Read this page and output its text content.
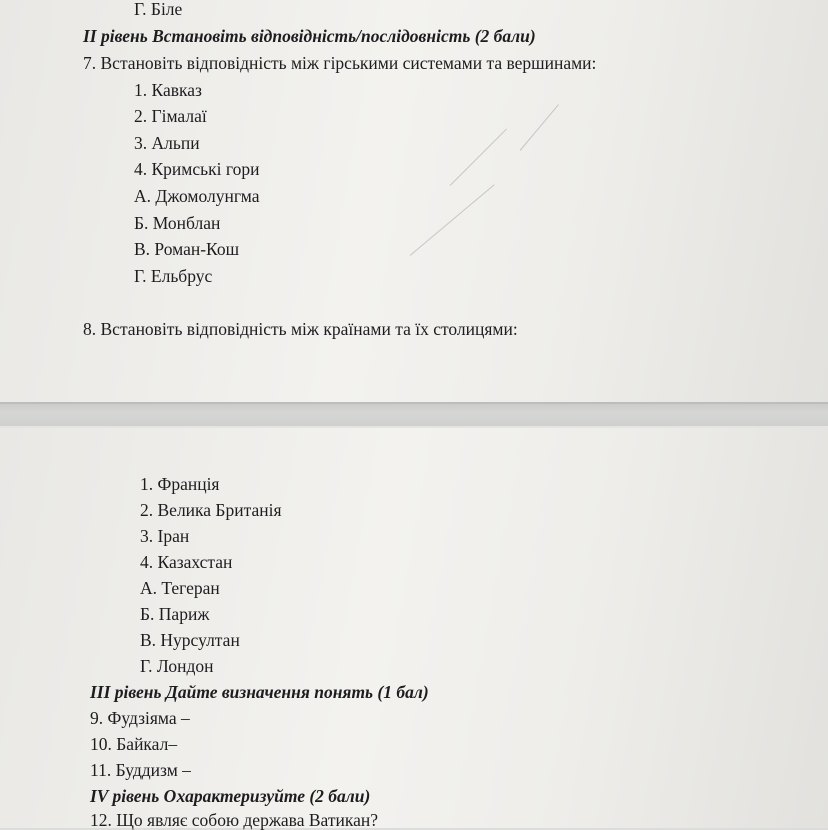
Г. Біле
ІІ рівень Встановіть відповідність/послідовність (2 бали)
7. Встановіть відповідність між гірськими системами та вершинами:
1. Кавказ
2. Гімалаї
3. Альпи
4. Кримські гори
А. Джомолунгма
Б. Монблан
В. Роман-Кош
Г. Ельбрус
8. Встановіть відповідність між країнами та їх столицями:
1. Франція
2. Велика Британія
3. Іран
4. Казахстан
А. Тегеран
Б. Париж
В. Нурсултан
Г. Лондон
ІІІ рівень Дайте визначення понять (1 бал)
9. Фудзіяма –
10. Байкал–
11. Буддизм –
IV рівень Охарактеризуйте (2 бали)
12. Що являє собою держава Ватикан?
